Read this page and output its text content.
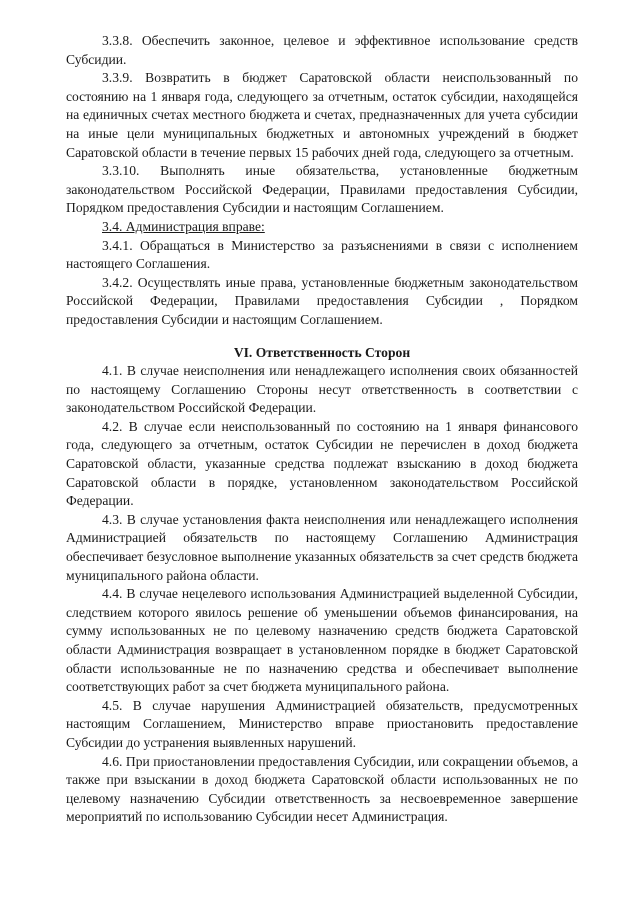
3.3.8. Обеспечить законное, целевое и эффективное использование средств Субсидии.

3.3.9. Возвратить в бюджет Саратовской области неиспользованный по состоянию на 1 января года, следующего за отчетным, остаток субсидии, находящейся на единичных счетах местного бюджета и счетах, предназначенных для учета субсидии на иные цели муниципальных бюджетных и автономных учреждений в бюджет Саратовской области в течение первых 15 рабочих дней года, следующего за отчетным.

3.3.10. Выполнять иные обязательства, установленные бюджетным законодательством Российской Федерации, Правилами предоставления Субсидии, Порядком предоставления Субсидии и настоящим Соглашением.

3.4. Администрация вправе:

3.4.1. Обращаться в Министерство за разъяснениями в связи с исполнением настоящего Соглашения.

3.4.2. Осуществлять иные права, установленные бюджетным законодательством Российской Федерации, Правилами предоставления Субсидии , Порядком предоставления Субсидии и настоящим Соглашением.

VI. Ответственность Сторон

4.1. В случае неисполнения или ненадлежащего исполнения своих обязанностей по настоящему Соглашению Стороны несут ответственность в соответствии с законодательством Российской Федерации.

4.2. В случае если неиспользованный по состоянию на 1 января финансового года, следующего за отчетным, остаток Субсидии не перечислен в доход бюджета Саратовской области, указанные средства подлежат взысканию в доход бюджета Саратовской области в порядке, установленном законодательством Российской Федерации.

4.3. В случае установления факта неисполнения или ненадлежащего исполнения Администрацией обязательств по настоящему Соглашению Администрация обеспечивает безусловное выполнение указанных обязательств за счет средств бюджета муниципального района области.

4.4. В случае нецелевого использования Администрацией выделенной Субсидии, следствием которого явилось решение об уменьшении объемов финансирования, на сумму использованных не по целевому назначению средств бюджета Саратовской области Администрация возвращает в установленном порядке в бюджет Саратовской области использованные не по назначению средства и обеспечивает выполнение соответствующих работ за счет бюджета муниципального района.

4.5. В случае нарушения Администрацией обязательств, предусмотренных настоящим Соглашением, Министерство вправе приостановить предоставление Субсидии до устранения выявленных нарушений.

4.6. При приостановлении предоставления Субсидии, или сокращении объемов, а также при взыскании в доход бюджета Саратовской области использованных не по целевому назначению Субсидии ответственность за несвоевременное завершение мероприятий по использованию Субсидии несет Администрация.
